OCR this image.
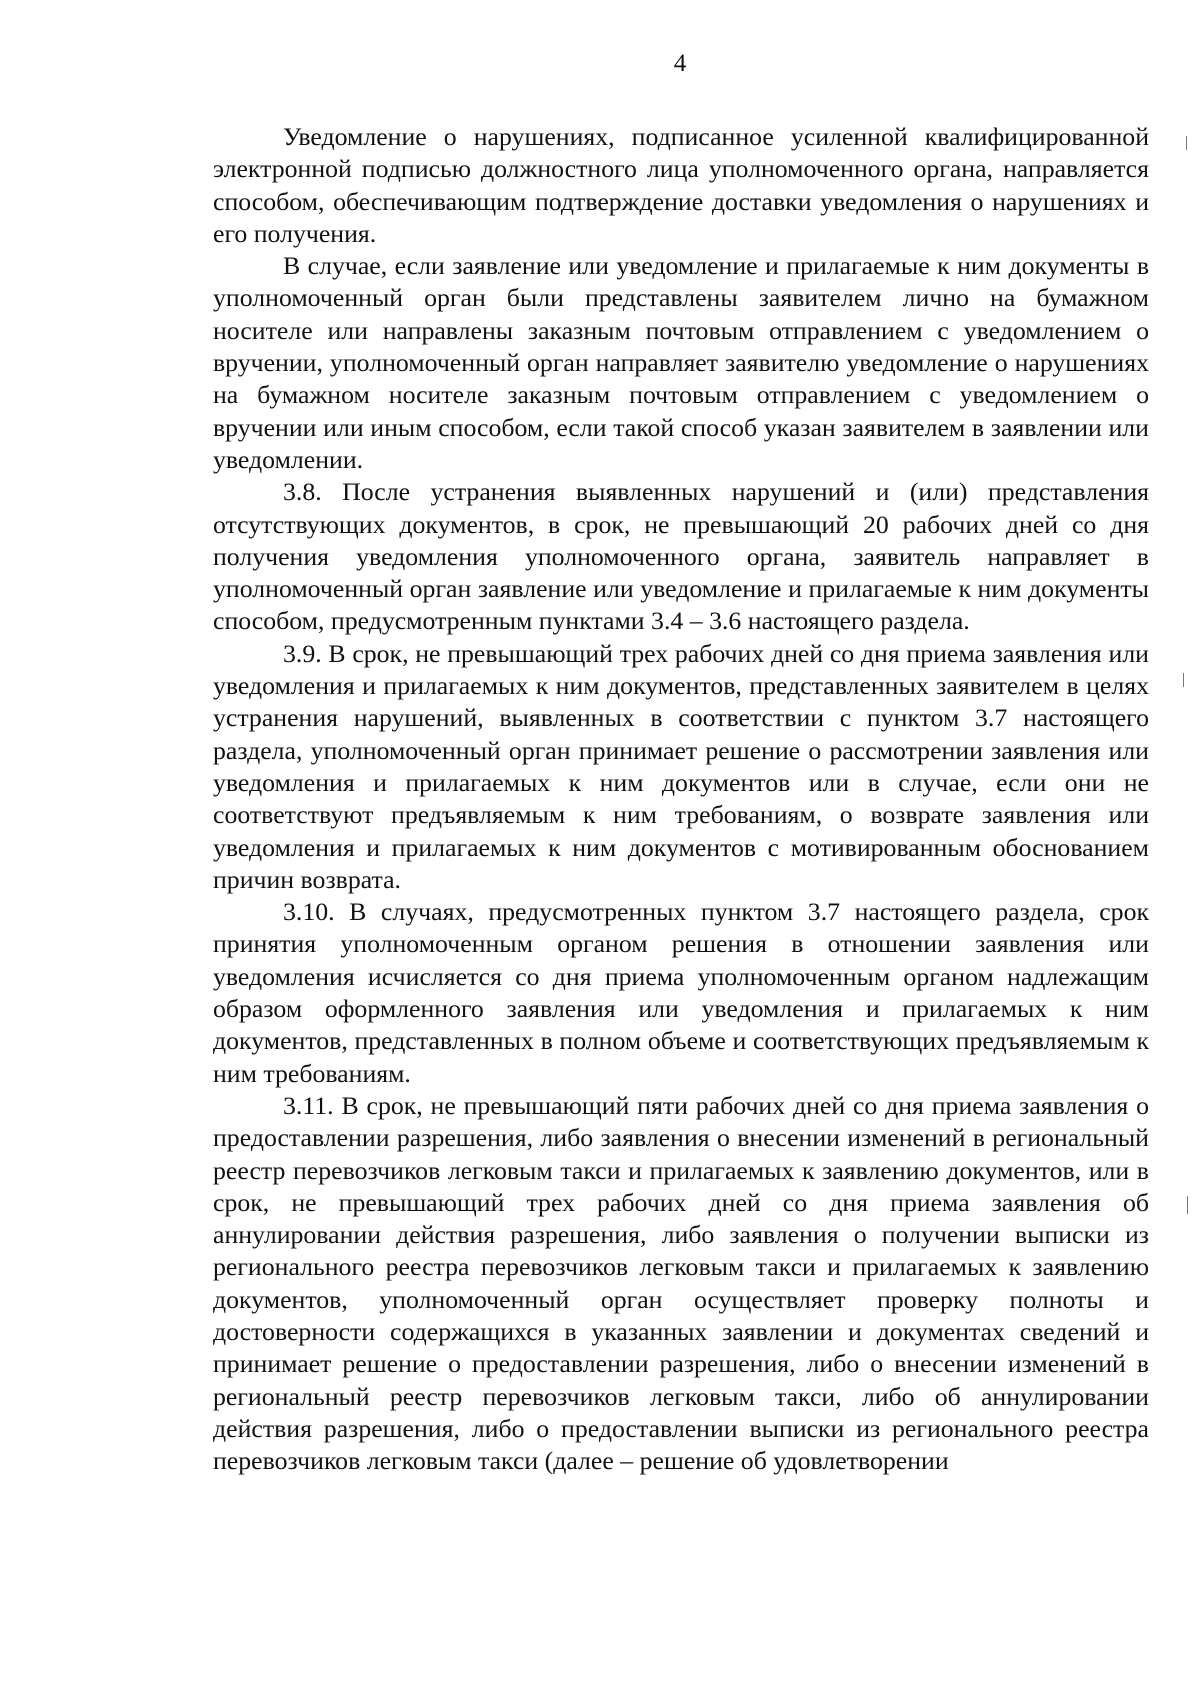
4

Уведомление о нарушениях, подписанное усиленной квалифицированной электронной подписью должностного лица уполномоченного органа, направляется способом, обеспечивающим подтверждение доставки уведомления о нарушениях и его получения.

В случае, если заявление или уведомление и прилагаемые к ним документы в уполномоченный орган были представлены заявителем лично на бумажном носителе или направлены заказным почтовым отправлением с уведомлением о вручении, уполномоченный орган направляет заявителю уведомление о нарушениях на бумажном носителе заказным почтовым отправлением с уведомлением о вручении или иным способом, если такой способ указан заявителем в заявлении или уведомлении.

3.8. После устранения выявленных нарушений и (или) представления отсутствующих документов, в срок, не превышающий 20 рабочих дней со дня получения уведомления уполномоченного органа, заявитель направляет в уполномоченный орган заявление или уведомление и прилагаемые к ним документы способом, предусмотренным пунктами 3.4 – 3.6 настоящего раздела.

3.9. В срок, не превышающий трех рабочих дней со дня приема заявления или уведомления и прилагаемых к ним документов, представленных заявителем в целях устранения нарушений, выявленных в соответствии с пунктом 3.7 настоящего раздела, уполномоченный орган принимает решение о рассмотрении заявления или уведомления и прилагаемых к ним документов или в случае, если они не соответствуют предъявляемым к ним требованиям, о возврате заявления или уведомления и прилагаемых к ним документов с мотивированным обоснованием причин возврата.

3.10. В случаях, предусмотренных пунктом 3.7 настоящего раздела, срок принятия уполномоченным органом решения в отношении заявления или уведомления исчисляется со дня приема уполномоченным органом надлежащим образом оформленного заявления или уведомления и прилагаемых к ним документов, представленных в полном объеме и соответствующих предъявляемым к ним требованиям.

3.11. В срок, не превышающий пяти рабочих дней со дня приема заявления о предоставлении разрешения, либо заявления о внесении изменений в региональный реестр перевозчиков легковым такси и прилагаемых к заявлению документов, или в срок, не превышающий трех рабочих дней со дня приема заявления об аннулировании действия разрешения, либо заявления о получении выписки из регионального реестра перевозчиков легковым такси и прилагаемых к заявлению документов, уполномоченный орган осуществляет проверку полноты и достоверности содержащихся в указанных заявлении и документах сведений и принимает решение о предоставлении разрешения, либо о внесении изменений в региональный реестр перевозчиков легковым такси, либо об аннулировании действия разрешения, либо о предоставлении выписки из регионального реестра перевозчиков легковым такси (далее – решение об удовлетворении
